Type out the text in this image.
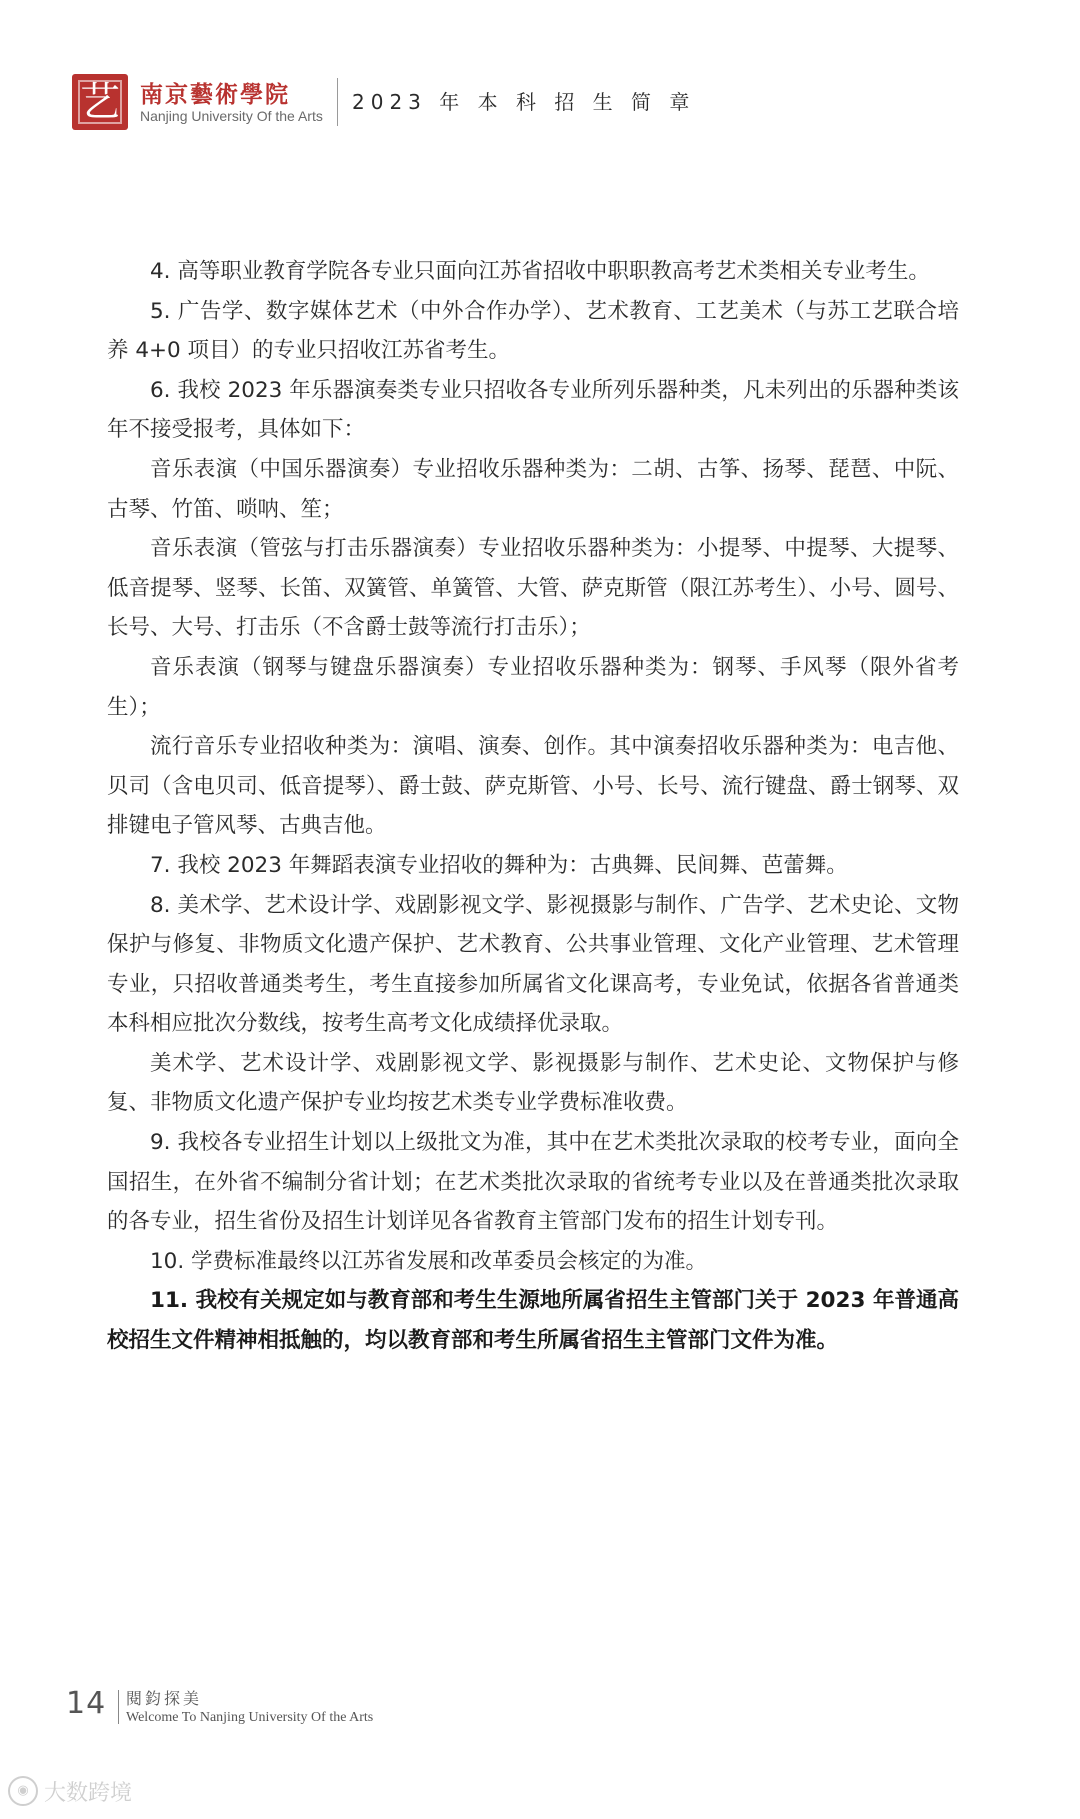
艺 南京藝術學院
Nanjing University Of the Arts
2023 年 本 科 招 生 简 章

4. 高等职业教育学院各专业只面向江苏省招收中职职教高考艺术类相关专业考生。

5. 广告学、数字媒体艺术（中外合作办学）、艺术教育、工艺美术（与苏工艺联合培养 4+0 项目）的专业只招收江苏省考生。

6. 我校 2023 年乐器演奏类专业只招收各专业所列乐器种类，凡未列出的乐器种类该年不接受报考，具体如下：

音乐表演（中国乐器演奏）专业招收乐器种类为：二胡、古筝、扬琴、琵琶、中阮、古琴、竹笛、唢呐、笙；

音乐表演（管弦与打击乐器演奏）专业招收乐器种类为：小提琴、中提琴、大提琴、低音提琴、竖琴、长笛、双簧管、单簧管、大管、萨克斯管（限江苏考生）、小号、圆号、长号、大号、打击乐（不含爵士鼓等流行打击乐）；

音乐表演（钢琴与键盘乐器演奏）专业招收乐器种类为：钢琴、手风琴（限外省考生）；

流行音乐专业招收种类为：演唱、演奏、创作。其中演奏招收乐器种类为：电吉他、贝司（含电贝司、低音提琴）、爵士鼓、萨克斯管、小号、长号、流行键盘、爵士钢琴、双排键电子管风琴、古典吉他。

7. 我校 2023 年舞蹈表演专业招收的舞种为：古典舞、民间舞、芭蕾舞。

8. 美术学、艺术设计学、戏剧影视文学、影视摄影与制作、广告学、艺术史论、文物保护与修复、非物质文化遗产保护、艺术教育、公共事业管理、文化产业管理、艺术管理专业，只招收普通类考生，考生直接参加所属省文化课高考，专业免试，依据各省普通类本科相应批次分数线，按考生高考文化成绩择优录取。

美术学、艺术设计学、戏剧影视文学、影视摄影与制作、艺术史论、文物保护与修复、非物质文化遗产保护专业均按艺术类专业学费标准收费。

9. 我校各专业招生计划以上级批文为准，其中在艺术类批次录取的校考专业，面向全国招生，在外省不编制分省计划；在艺术类批次录取的省统考专业以及在普通类批次录取的各专业，招生省份及招生计划详见各省教育主管部门发布的招生计划专刊。

10. 学费标准最终以江苏省发展和改革委员会核定的为准。

11. 我校有关规定如与教育部和考生生源地所属省招生主管部门关于 2023 年普通高校招生文件精神相抵触的，均以教育部和考生所属省招生主管部门文件为准。

14 閱鈞探美
Welcome To Nanjing University Of the Arts
◉ 大数跨境
